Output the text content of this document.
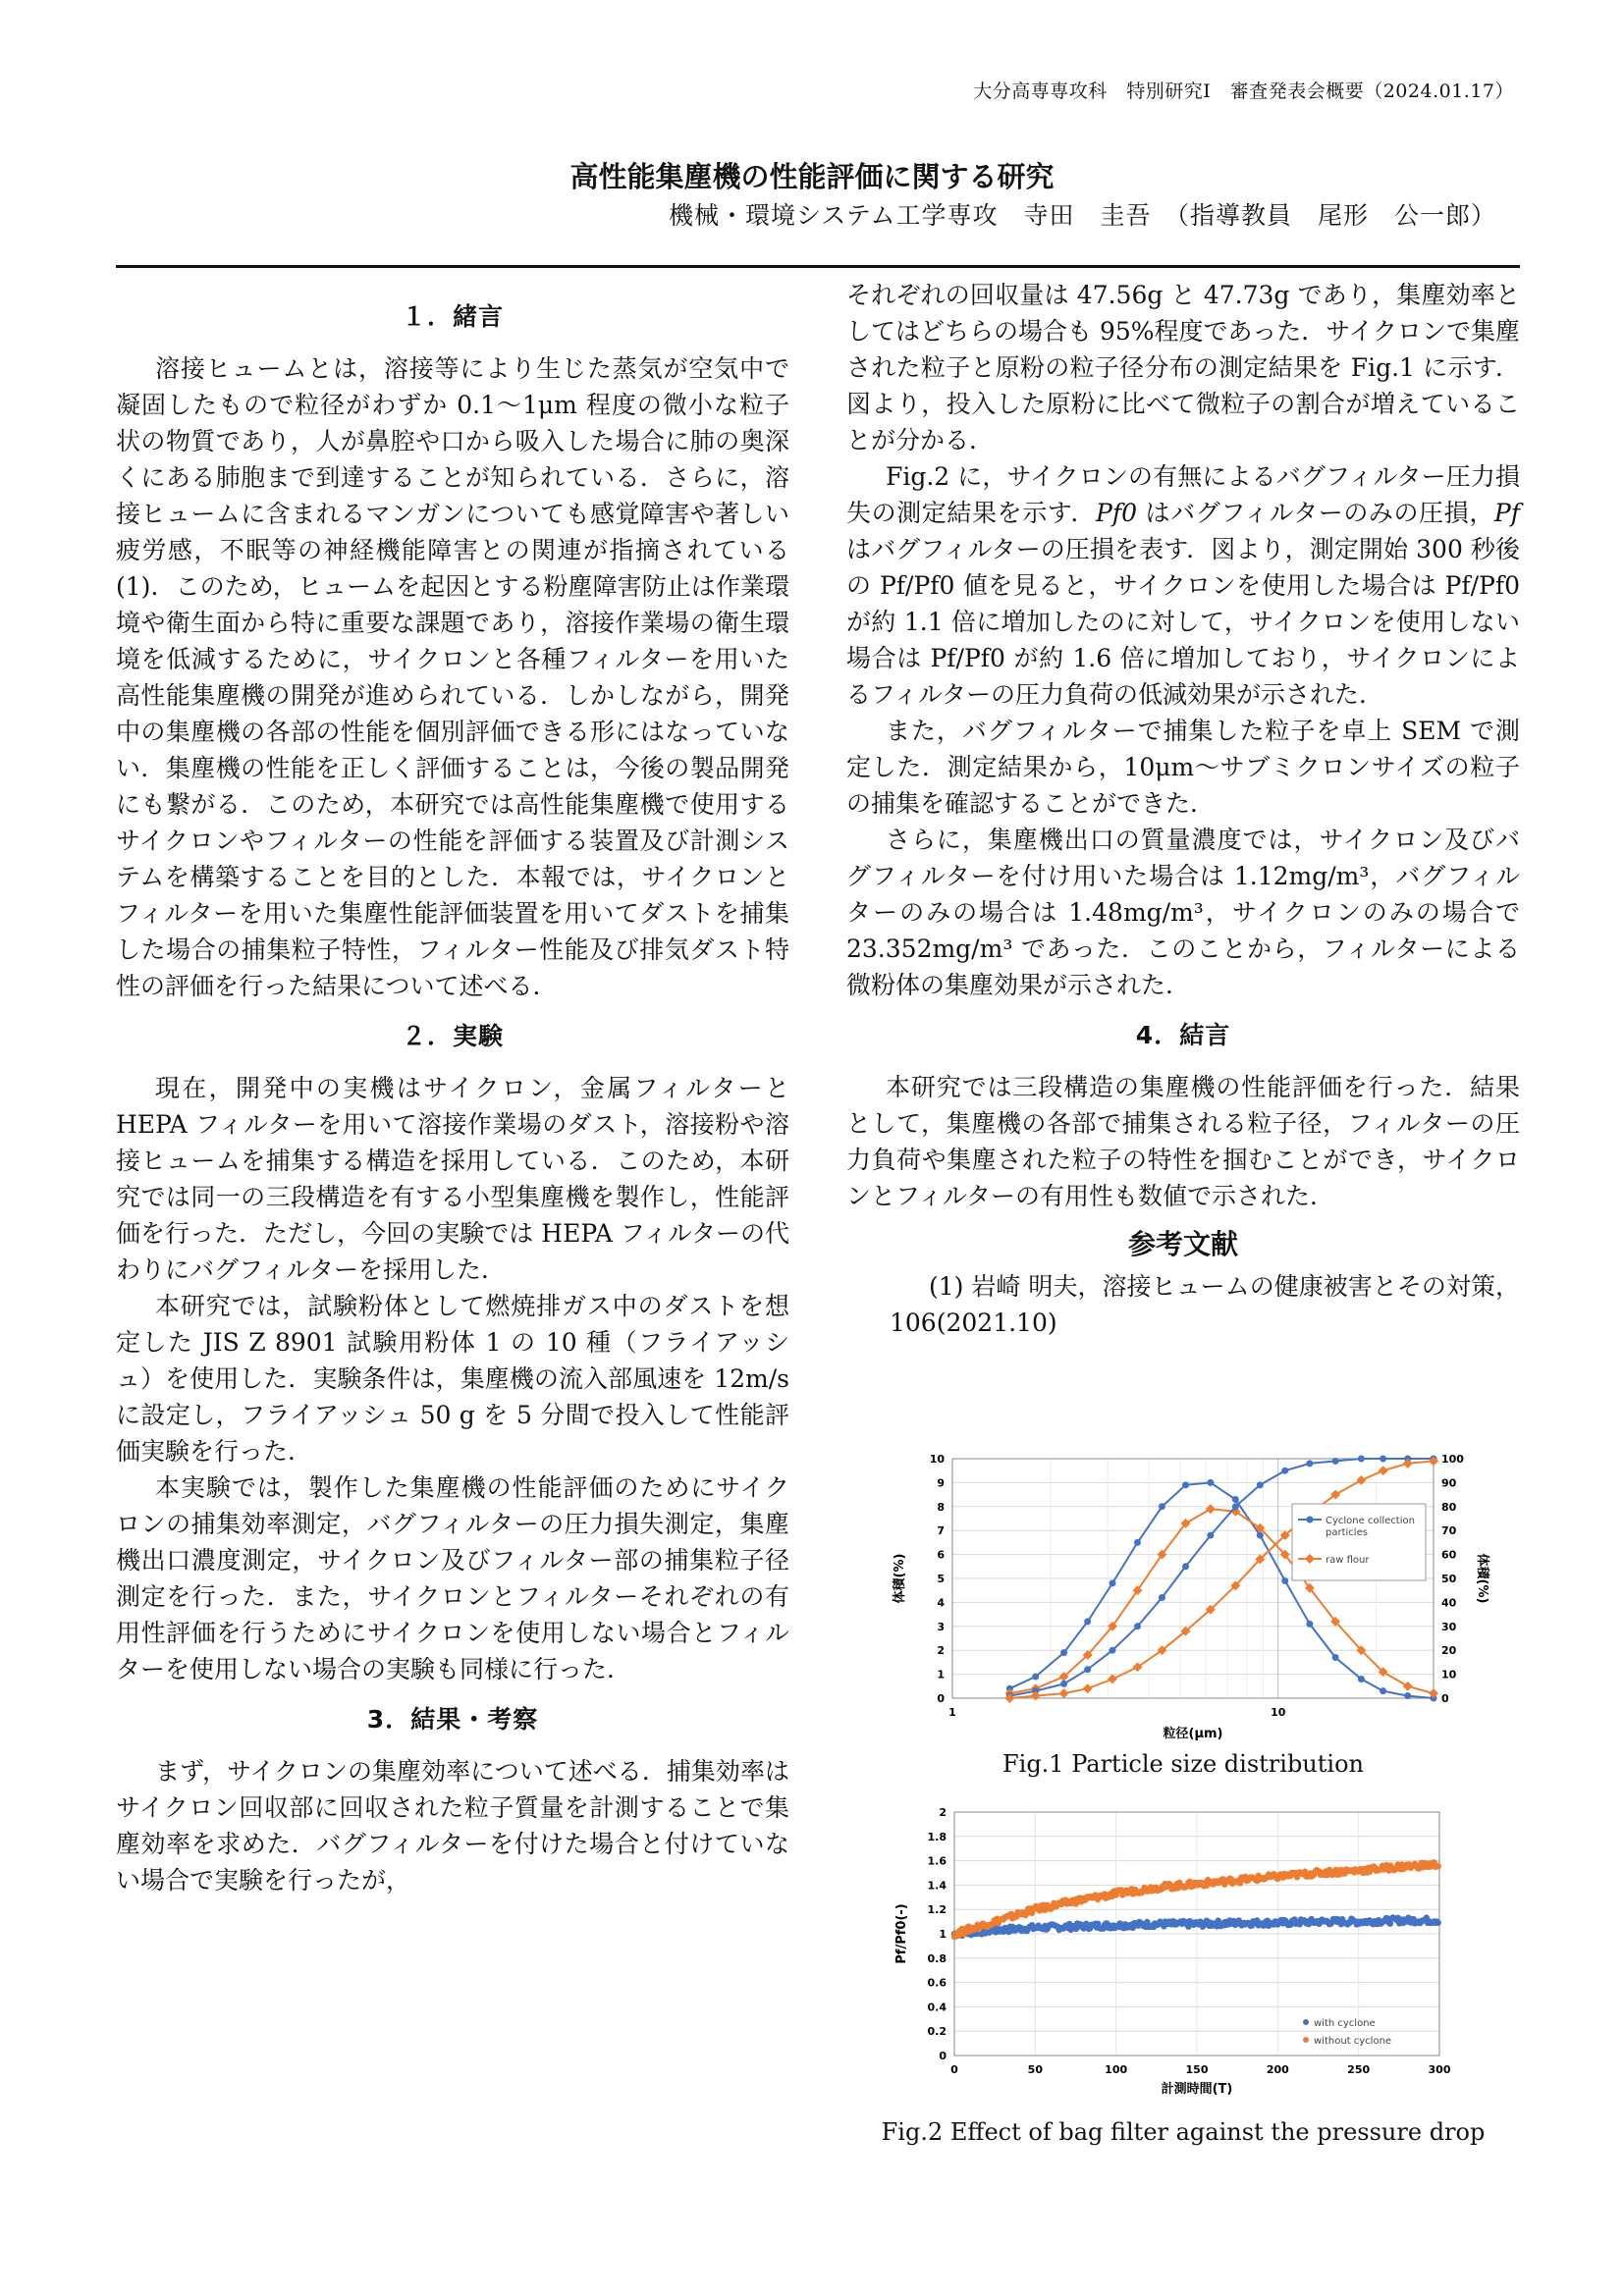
大分高専専攻科　特別研究Ⅰ　審査発表会概要（2024.01.17）
高性能集塵機の性能評価に関する研究
機械・環境システム工学専攻　寺田　圭吾　（指導教員　尾形　公一郎）
１．緒言

溶接ヒュームとは，溶接等により生じた蒸気が空気中で凝固したもので粒径がわずか 0.1～1μm 程度の微小な粒子状の物質であり，人が鼻腔や口から吸入した場合に肺の奥深くにある肺胞まで到達することが知られている．さらに，溶接ヒュームに含まれるマンガンについても感覚障害や著しい疲労感，不眠等の神経機能障害との関連が指摘されている(1)．このため，ヒュームを起因とする粉塵障害防止は作業環境や衛生面から特に重要な課題であり，溶接作業場の衛生環境を低減するために，サイクロンと各種フィルターを用いた高性能集塵機の開発が進められている．しかしながら，開発中の集塵機の各部の性能を個別評価できる形にはなっていない．集塵機の性能を正しく評価することは，今後の製品開発にも繋がる．このため，本研究では高性能集塵機で使用するサイクロンやフィルターの性能を評価する装置及び計測システムを構築することを目的とした．本報では，サイクロンとフィルターを用いた集塵性能評価装置を用いてダストを捕集した場合の捕集粒子特性，フィルター性能及び排気ダスト特性の評価を行った結果について述べる．

２．実験

現在，開発中の実機はサイクロン，金属フィルターと HEPA フィルターを用いて溶接作業場のダスト，溶接粉や溶接ヒュームを捕集する構造を採用している．このため，本研究では同一の三段構造を有する小型集塵機を製作し，性能評価を行った．ただし，今回の実験では HEPA フィルターの代わりにバグフィルターを採用した．

本研究では，試験粉体として燃焼排ガス中のダストを想定した JIS Z 8901 試験用粉体 1 の 10 種（フライアッシュ）を使用した．実験条件は，集塵機の流入部風速を 12m/s に設定し，フライアッシュ 50 g を 5 分間で投入して性能評価実験を行った．

本実験では，製作した集塵機の性能評価のためにサイクロンの捕集効率測定，バグフィルターの圧力損失測定，集塵機出口濃度測定，サイクロン及びフィルター部の捕集粒子径測定を行った．また，サイクロンとフィルターそれぞれの有用性評価を行うためにサイクロンを使用しない場合とフィルターを使用しない場合の実験も同様に行った．

3．結果・考察

まず，サイクロンの集塵効率について述べる．捕集効率はサイクロン回収部に回収された粒子質量を計測することで集塵効率を求めた．バグフィルターを付けた場合と付けていない場合で実験を行ったが，

それぞれの回収量は 47.56g と 47.73g であり，集塵効率としてはどちらの場合も 95%程度であった．サイクロンで集塵された粒子と原粉の粒子径分布の測定結果を Fig.1 に示す．図より，投入した原粉に比べて微粒子の割合が増えていることが分かる．

Fig.2 に，サイクロンの有無によるバグフィルター圧力損失の測定結果を示す．Pf0 はバグフィルターのみの圧損，Pf はバグフィルターの圧損を表す．図より，測定開始 300 秒後の Pf/Pf0 値を見ると，サイクロンを使用した場合は Pf/Pf0 が約 1.1 倍に増加したのに対して，サイクロンを使用しない場合は Pf/Pf0 が約 1.6 倍に増加しており，サイクロンによるフィルターの圧力負荷の低減効果が示された．

また，バグフィルターで捕集した粒子を卓上 SEM で測定した．測定結果から，10μm～サブミクロンサイズの粒子の捕集を確認することができた．

さらに，集塵機出口の質量濃度では，サイクロン及びバグフィルターを付け用いた場合は 1.12mg/m³，バグフィルターのみの場合は 1.48mg/m³，サイクロンのみの場合で 23.352mg/m³ であった．このことから，フィルターによる微粉体の集塵効果が示された．

4．結言

本研究では三段構造の集塵機の性能評価を行った．結果として，集塵機の各部で捕集される粒子径，フィルターの圧力負荷や集塵された粒子の特性を掴むことができ，サイクロンとフィルターの有用性も数値で示された．

参考文献

(1) 岩崎 明夫，溶接ヒュームの健康被害とその対策，106(2021.10)

0
1
2
3
4
5
6
7
8
9
10
0
10
20
30
40
50
60
70
80
90
100
1	10
粒径(μm)
体積(%)	体積(%)
Cyclone collection
particles
raw flour
Fig.1 Particle size distribution
0
0.2
0.4
0.6
0.8
1
1.2
1.4
1.6
1.8
2
0	50	100	150	200	250	300
計測時間(T)
Pf/Pf0(-)
with cyclone
without cyclone
Fig.2 Effect of bag filter against the pressure drop
